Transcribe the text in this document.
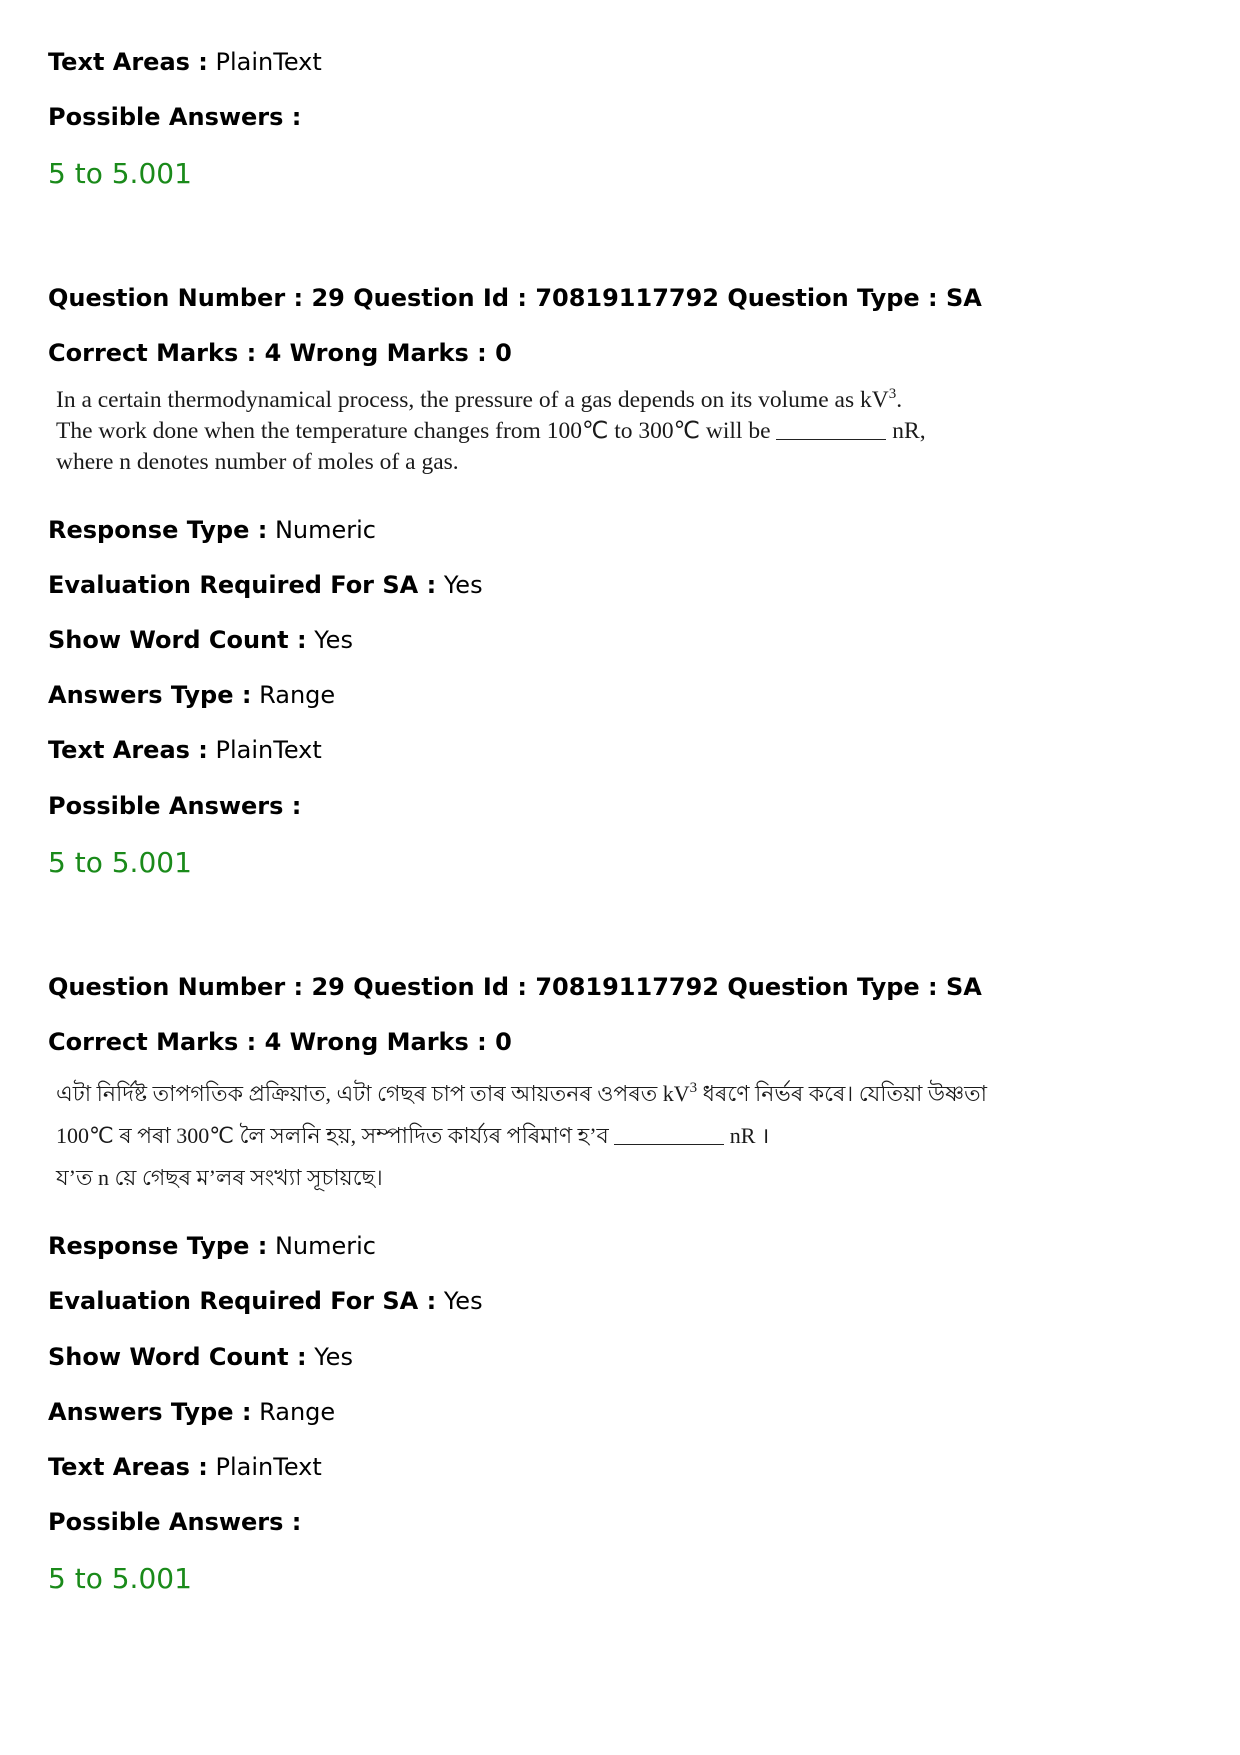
Text Areas : PlainText
Possible Answers :
5 to 5.001
Question Number : 29 Question Id : 70819117792 Question Type : SA
Correct Marks : 4 Wrong Marks : 0

In a certain thermodynamical process, the pressure of a gas depends on its volume as $kV^3$.

The work done when the temperature changes from 100℃ to 300℃ will be	nR,

where n denotes number of moles of a gas.

Response Type : Numeric
Evaluation Required For SA : Yes
Show Word Count : Yes
Answers Type : Range
Text Areas : PlainText
Possible Answers :
5 to 5.001
Question Number : 29 Question Id : 70819117792 Question Type : SA
Correct Marks : 4 Wrong Marks : 0

এটা নিৰ্দিষ্ট তাপগতিক প্ৰক্ৰিয়াত, এটা গেছৰ চাপ তাৰ আয়তনৰ ওপৰত $kV^3$ ধৰণে নিৰ্ভৰ কৰে। যেতিয়া উষ্ণতা

100℃ ৰ পৰা 300℃ লৈ সলনি হয়, সম্পাদিত কাৰ্য্যৰ পৰিমাণ হ’ব	nR ।

য’ত n য়ে গেছৰ ম’লৰ সংখ্যা সূচায়ছে।

Response Type : Numeric
Evaluation Required For SA : Yes
Show Word Count : Yes
Answers Type : Range
Text Areas : PlainText
Possible Answers :
5 to 5.001
